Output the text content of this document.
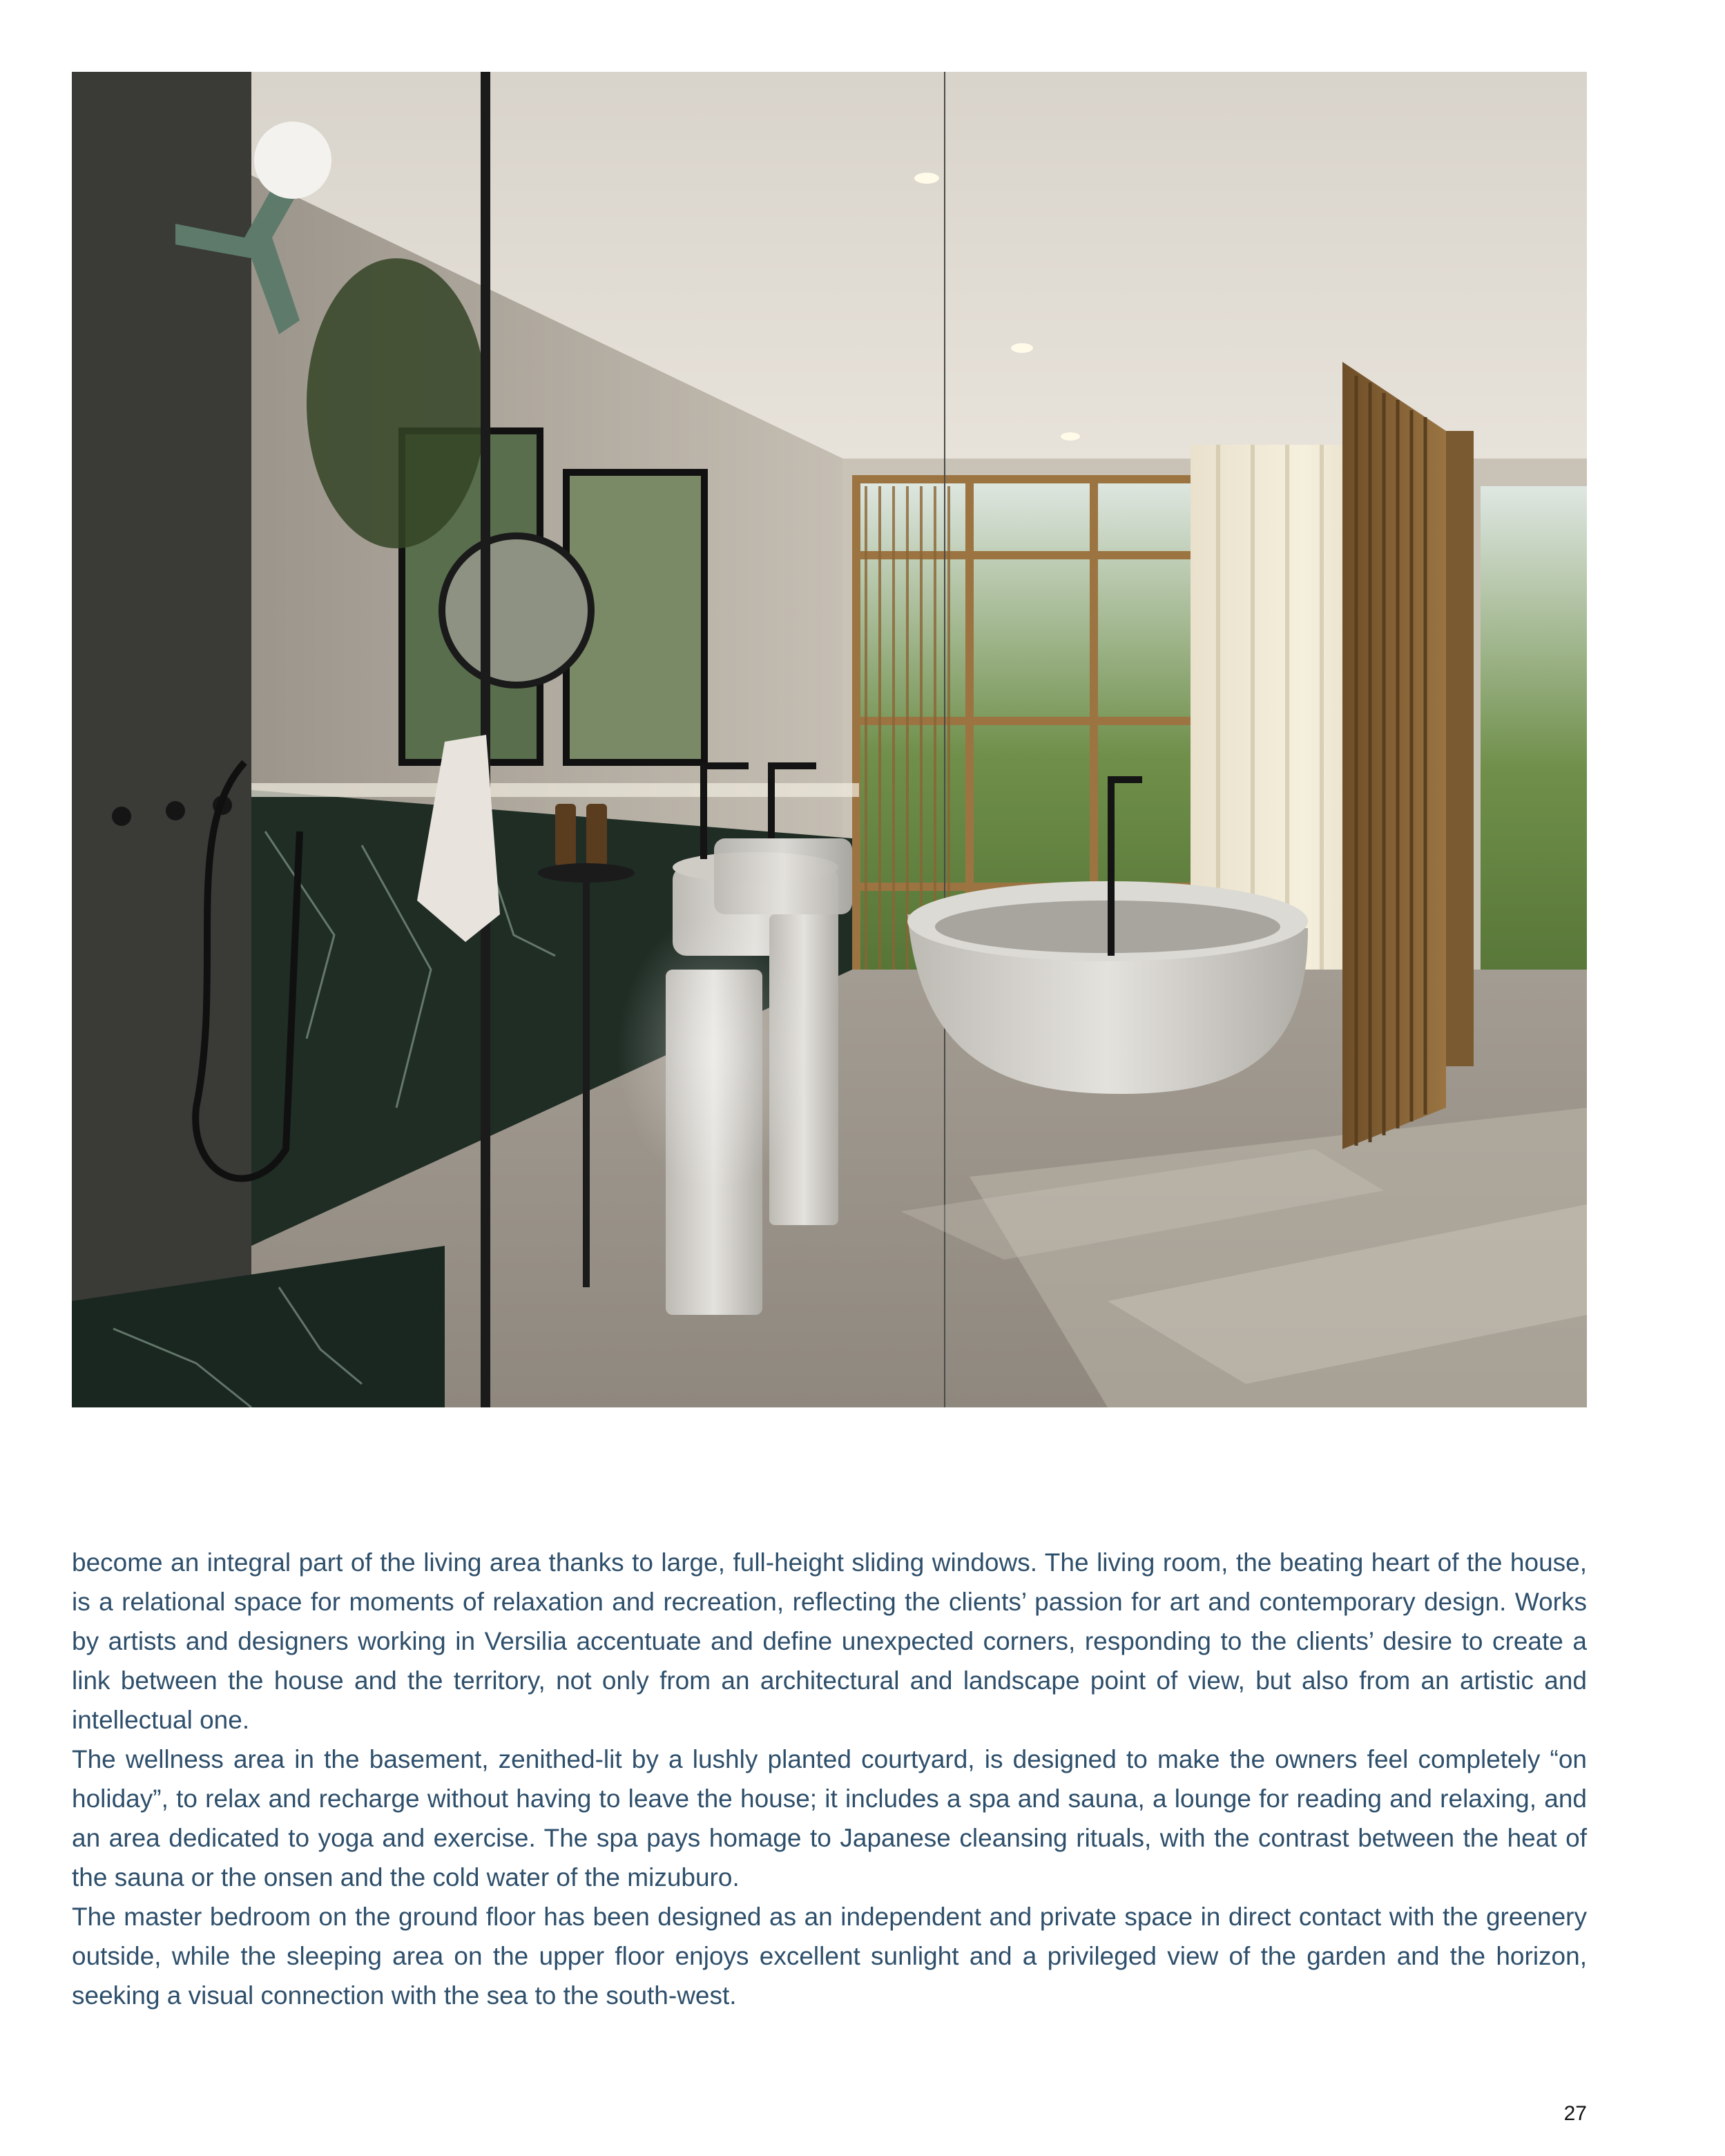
become an integral part of the living area thanks to large, full-height sliding windows. The living room, the beating heart of the house, is a relational space for moments of relaxation and recreation, reflecting the clients’ passion for art and contemporary design. Works by artists and designers working in Versilia accentuate and define unexpected corners, responding to the clients’ desire to create a link between the house and the territory, not only from an architectural and landscape point of view, but also from an artistic and intellectual one.

The wellness area in the basement, zenithed-lit by a lushly planted courtyard, is designed to make the owners feel completely “on holiday”, to relax and recharge without having to leave the house; it includes a spa and sauna, a lounge for reading and relaxing, and an area dedicated to yoga and exercise. The spa pays homage to Japanese cleansing rituals, with the contrast between the heat of the sauna or the onsen and the cold water of the mizuburo.

The master bedroom on the ground floor has been designed as an independent and private space in direct contact with the greenery outside, while the sleeping area on the upper floor enjoys excellent sunlight and a privileged view of the garden and the horizon, seeking a visual connection with the sea to the south-west.

27
